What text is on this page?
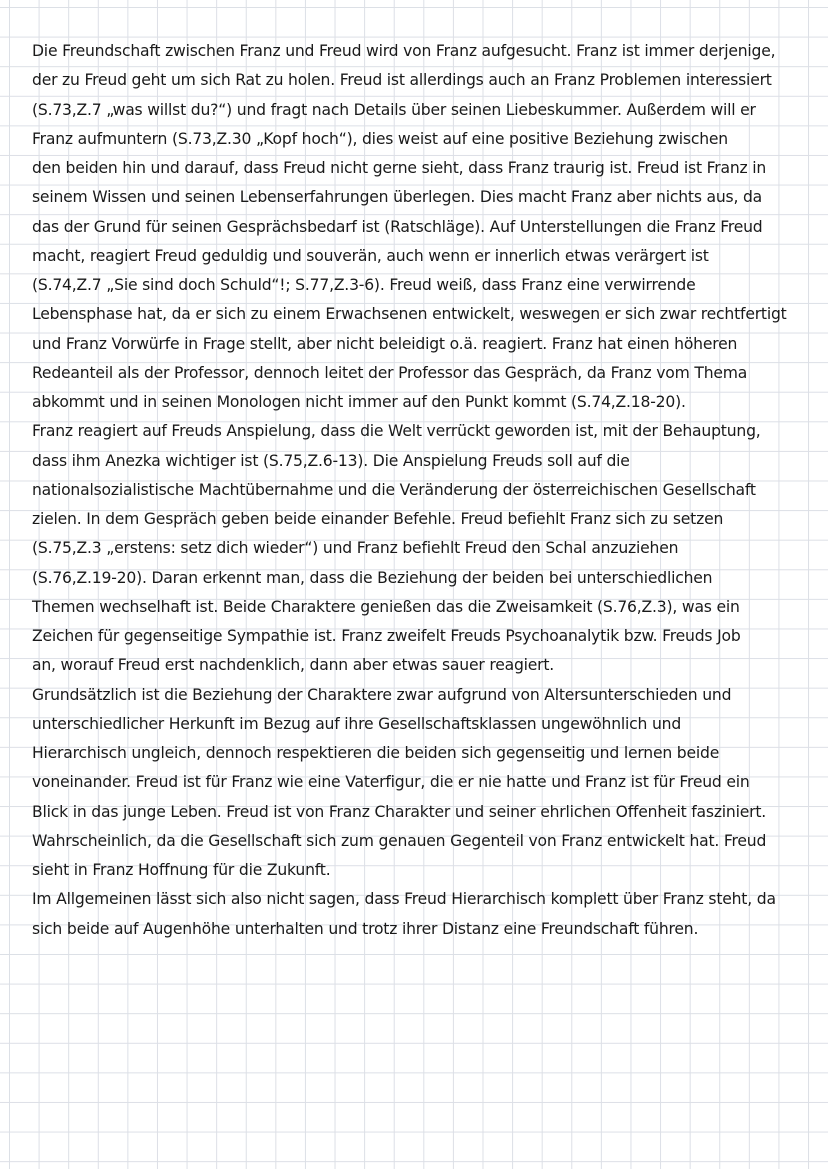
Die Freundschaft zwischen Franz und Freud wird von Franz aufgesucht. Franz ist immer derjenige,
der zu Freud geht um sich Rat zu holen. Freud ist allerdings auch an Franz Problemen interessiert
(S.73,Z.7 „was willst du?“) und fragt nach Details über seinen Liebeskummer. Außerdem will er
Franz aufmuntern (S.73,Z.30 „Kopf hoch“), dies weist auf eine positive Beziehung zwischen
den beiden hin und darauf, dass Freud nicht gerne sieht, dass Franz traurig ist. Freud ist Franz in
seinem Wissen und seinen Lebenserfahrungen überlegen. Dies macht Franz aber nichts aus, da
das der Grund für seinen Gesprächsbedarf ist (Ratschläge). Auf Unterstellungen die Franz Freud
macht, reagiert Freud geduldig und souverän, auch wenn er innerlich etwas verärgert ist
(S.74,Z.7 „Sie sind doch Schuld“!; S.77,Z.3-6). Freud weiß, dass Franz eine verwirrende
Lebensphase hat, da er sich zu einem Erwachsenen entwickelt, weswegen er sich zwar rechtfertigt
und Franz Vorwürfe in Frage stellt, aber nicht beleidigt o.ä. reagiert. Franz hat einen höheren
Redeanteil als der Professor, dennoch leitet der Professor das Gespräch, da Franz vom Thema
abkommt und in seinen Monologen nicht immer auf den Punkt kommt (S.74,Z.18-20).
Franz reagiert auf Freuds Anspielung, dass die Welt verrückt geworden ist, mit der Behauptung,
dass ihm Anezka wichtiger ist (S.75,Z.6-13). Die Anspielung Freuds soll auf die
nationalsozialistische Machtübernahme und die Veränderung der österreichischen Gesellschaft
zielen. In dem Gespräch geben beide einander Befehle. Freud befiehlt Franz sich zu setzen
(S.75,Z.3 „erstens: setz dich wieder“) und Franz befiehlt Freud den Schal anzuziehen
(S.76,Z.19-20). Daran erkennt man, dass die Beziehung der beiden bei unterschiedlichen
Themen wechselhaft ist. Beide Charaktere genießen das die Zweisamkeit (S.76,Z.3), was ein
Zeichen für gegenseitige Sympathie ist. Franz zweifelt Freuds Psychoanalytik bzw. Freuds Job
an, worauf Freud erst nachdenklich, dann aber etwas sauer reagiert.
Grundsätzlich ist die Beziehung der Charaktere zwar aufgrund von Altersunterschieden und
unterschiedlicher Herkunft im Bezug auf ihre Gesellschaftsklassen ungewöhnlich und
Hierarchisch ungleich, dennoch respektieren die beiden sich gegenseitig und lernen beide
voneinander. Freud ist für Franz wie eine Vaterfigur, die er nie hatte und Franz ist für Freud ein
Blick in das junge Leben. Freud ist von Franz Charakter und seiner ehrlichen Offenheit fasziniert.
Wahrscheinlich, da die Gesellschaft sich zum genauen Gegenteil von Franz entwickelt hat. Freud
sieht in Franz Hoffnung für die Zukunft.
Im Allgemeinen lässt sich also nicht sagen, dass Freud Hierarchisch komplett über Franz steht, da
sich beide auf Augenhöhe unterhalten und trotz ihrer Distanz eine Freundschaft führen.
